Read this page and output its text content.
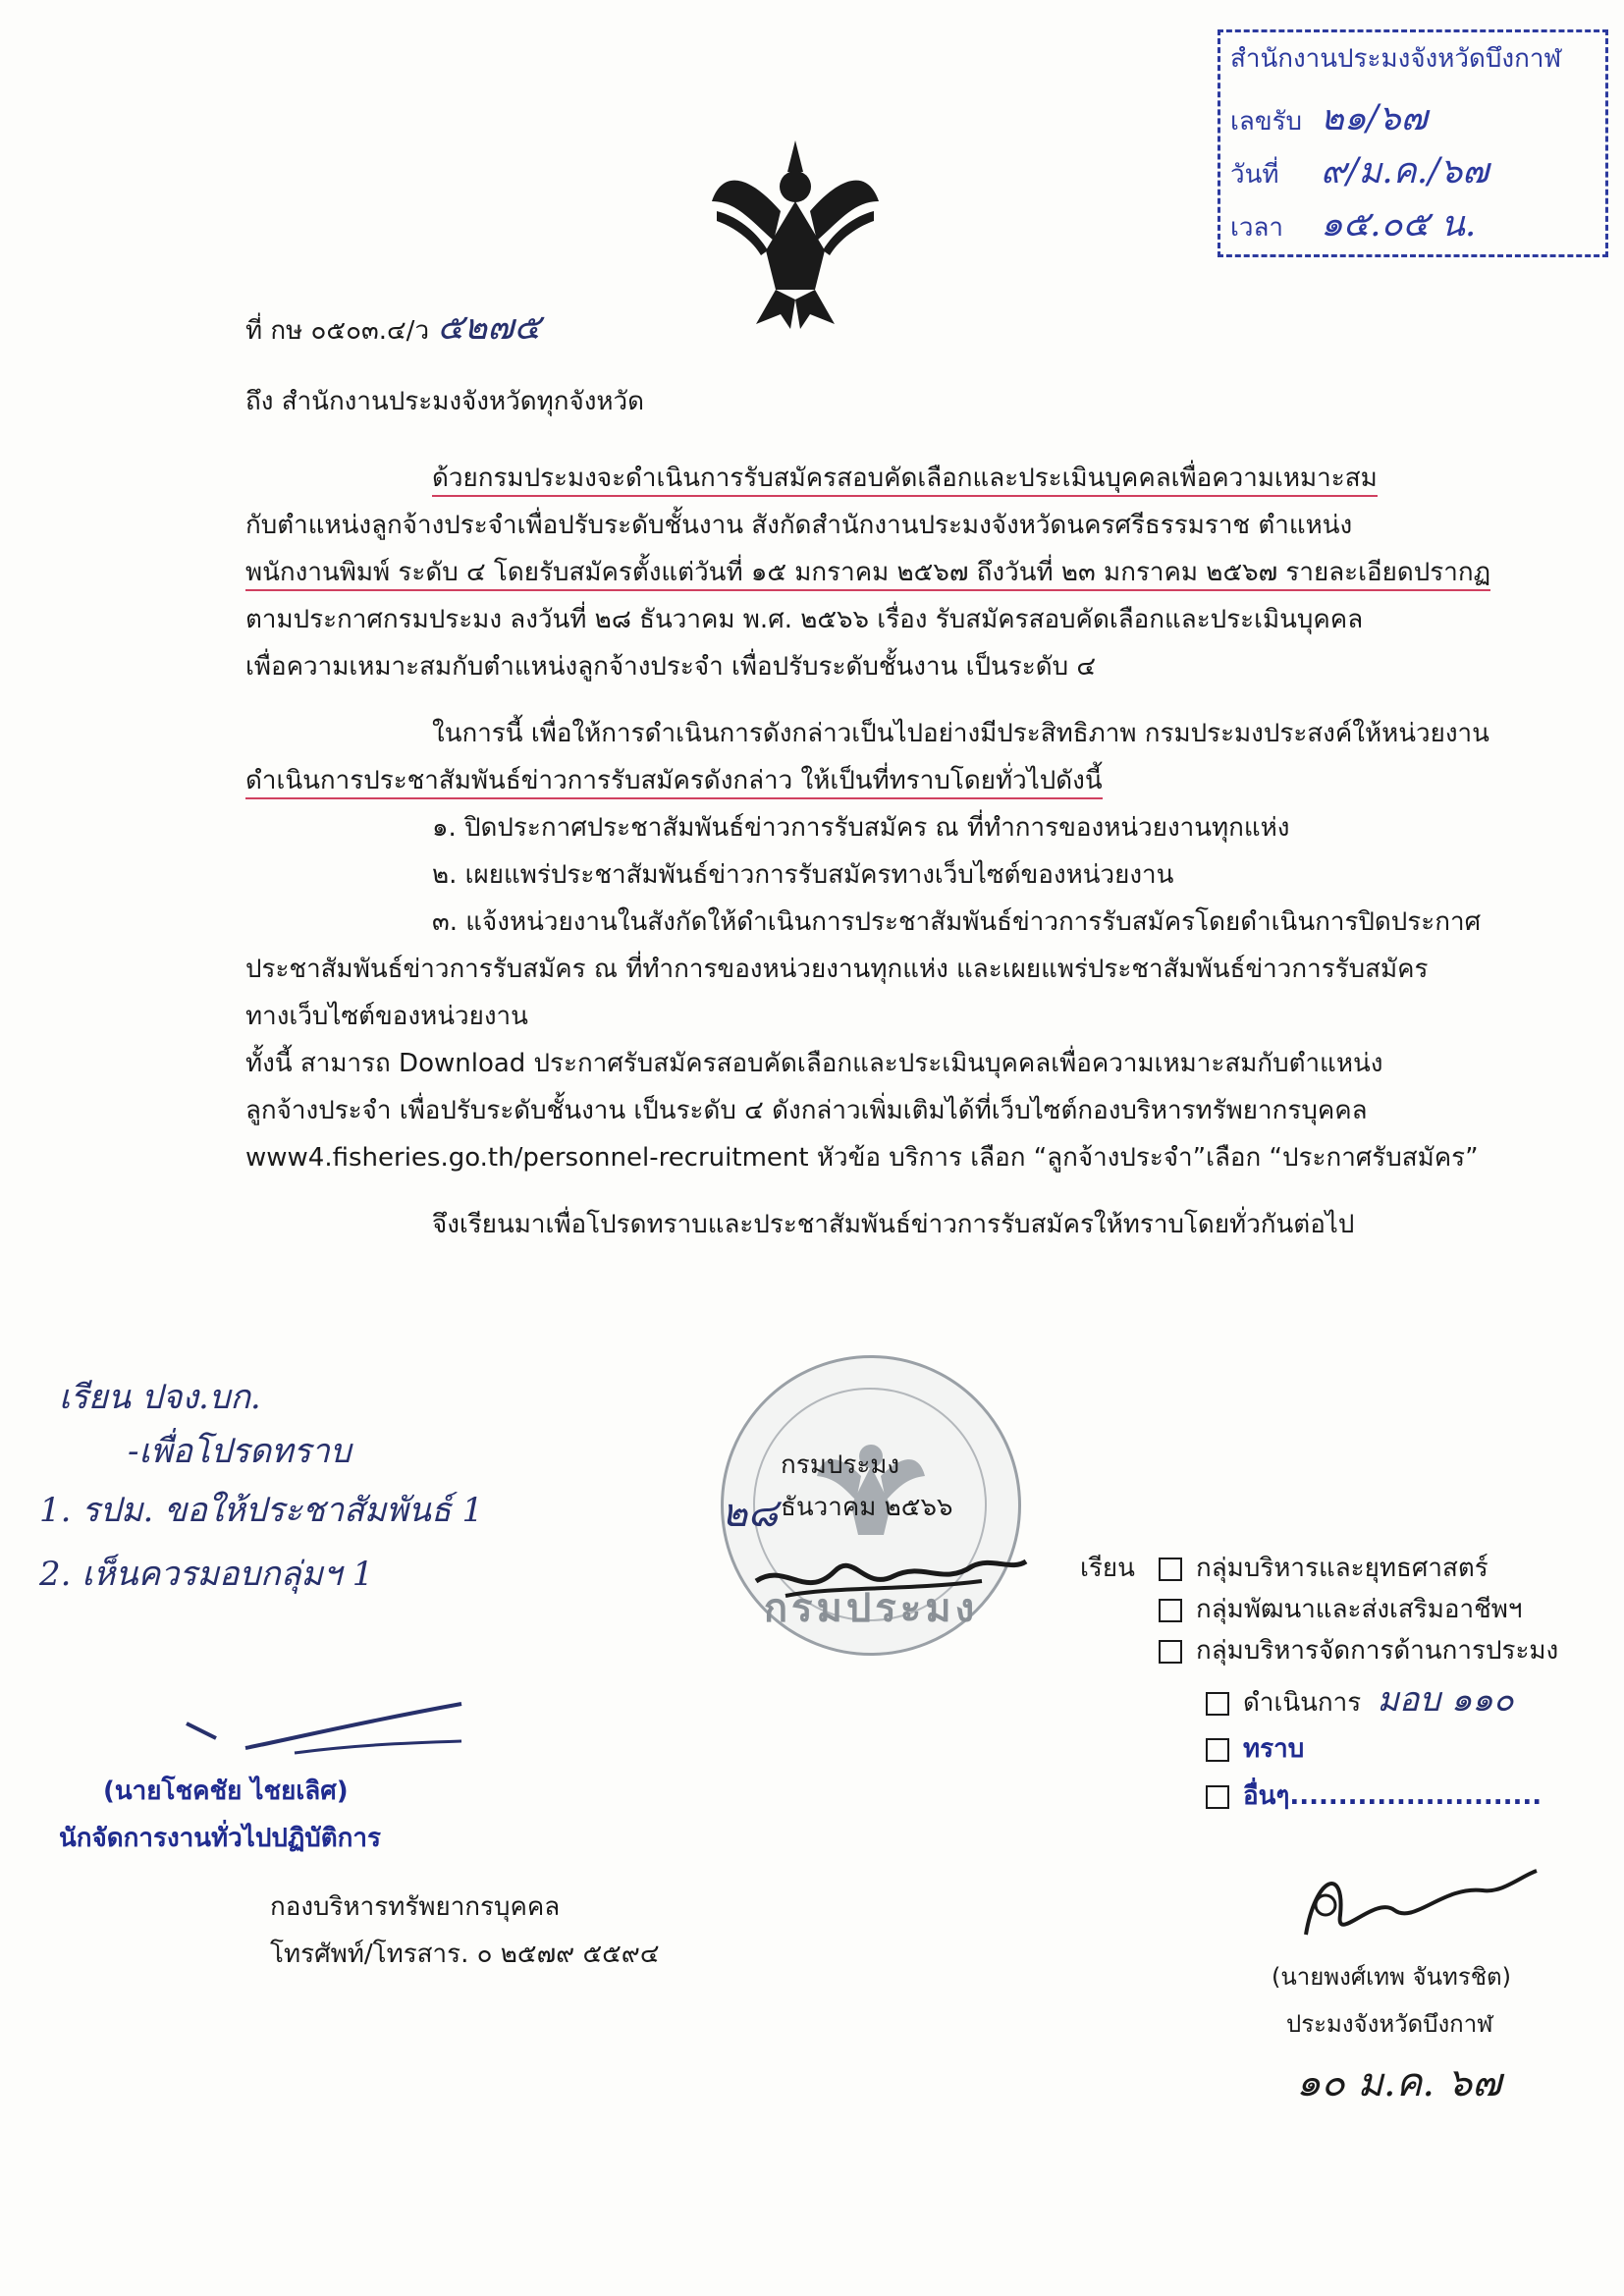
สำนักงานประมงจังหวัดบึงกาฬ
เลขรับ ๒๑/๖๗
วันที่ ๙/ม.ค./๖๗
เวลา ๑๕.๐๕ น.
ที่ กษ ๐๕๐๓.๔/ว ๕๒๗๕
ถึง สำนักงานประมงจังหวัดทุกจังหวัด
ด้วยกรมประมงจะดำเนินการรับสมัครสอบคัดเลือกและประเมินบุคคลเพื่อความเหมาะสม
กับตำแหน่งลูกจ้างประจำเพื่อปรับระดับชั้นงาน สังกัดสำนักงานประมงจังหวัดนครศรีธรรมราช ตำแหน่ง
พนักงานพิมพ์ ระดับ ๔ โดยรับสมัครตั้งแต่วันที่ ๑๕ มกราคม ๒๕๖๗ ถึงวันที่ ๒๓ มกราคม ๒๕๖๗ รายละเอียดปรากฏ
ตามประกาศกรมประมง ลงวันที่ ๒๘ ธันวาคม พ.ศ. ๒๕๖๖ เรื่อง รับสมัครสอบคัดเลือกและประเมินบุคคล
เพื่อความเหมาะสมกับตำแหน่งลูกจ้างประจำ เพื่อปรับระดับชั้นงาน เป็นระดับ ๔
ในการนี้ เพื่อให้การดำเนินการดังกล่าวเป็นไปอย่างมีประสิทธิภาพ กรมประมงประสงค์ให้หน่วยงาน
ดำเนินการประชาสัมพันธ์ข่าวการรับสมัครดังกล่าว ให้เป็นที่ทราบโดยทั่วไปดังนี้
๑. ปิดประกาศประชาสัมพันธ์ข่าวการรับสมัคร ณ ที่ทำการของหน่วยงานทุกแห่ง
๒. เผยแพร่ประชาสัมพันธ์ข่าวการรับสมัครทางเว็บไซต์ของหน่วยงาน
๓. แจ้งหน่วยงานในสังกัดให้ดำเนินการประชาสัมพันธ์ข่าวการรับสมัครโดยดำเนินการปิดประกาศ
ประชาสัมพันธ์ข่าวการรับสมัคร ณ ที่ทำการของหน่วยงานทุกแห่ง และเผยแพร่ประชาสัมพันธ์ข่าวการรับสมัคร
ทางเว็บไซต์ของหน่วยงาน
ทั้งนี้ สามารถ Download ประกาศรับสมัครสอบคัดเลือกและประเมินบุคคลเพื่อความเหมาะสมกับตำแหน่ง
ลูกจ้างประจำ เพื่อปรับระดับชั้นงาน เป็นระดับ ๔ ดังกล่าวเพิ่มเติมได้ที่เว็บไซต์กองบริหารทรัพยากรบุคคล
www4.fisheries.go.th/personnel-recruitment หัวข้อ บริการ เลือก “ลูกจ้างประจำ”เลือก “ประกาศรับสมัคร”
จึงเรียนมาเพื่อโปรดทราบและประชาสัมพันธ์ข่าวการรับสมัครให้ทราบโดยทั่วกันต่อไป
กรมประมง
กรมประมง
ธันวาคม ๒๕๖๖
๒๘
เรียน ปจง.บก.
-เพื่อโปรดทราบ
1. รปม. ขอให้ประชาสัมพันธ์ 1
2. เห็นควรมอบกลุ่มฯ 1
(นายโชคชัย ไชยเลิศ)
นักจัดการงานทั่วไปปฏิบัติการ
กองบริหารทรัพยากรบุคคล
โทรศัพท์/โทรสาร. ๐ ๒๕๗๙ ๕๕๙๔
เรียน	กลุ่มบริหารและยุทธศาสตร์
กลุ่มพัฒนาและส่งเสริมอาชีพฯ
กลุ่มบริหารจัดการด้านการประมง
ดำเนินการ มอบ ๑๑๐
ทราบ
อื่นๆ..........................
(นายพงศ์เทพ จันทรชิต)
ประมงจังหวัดบึงกาฬ
๑๐ ม.ค. ๖๗
